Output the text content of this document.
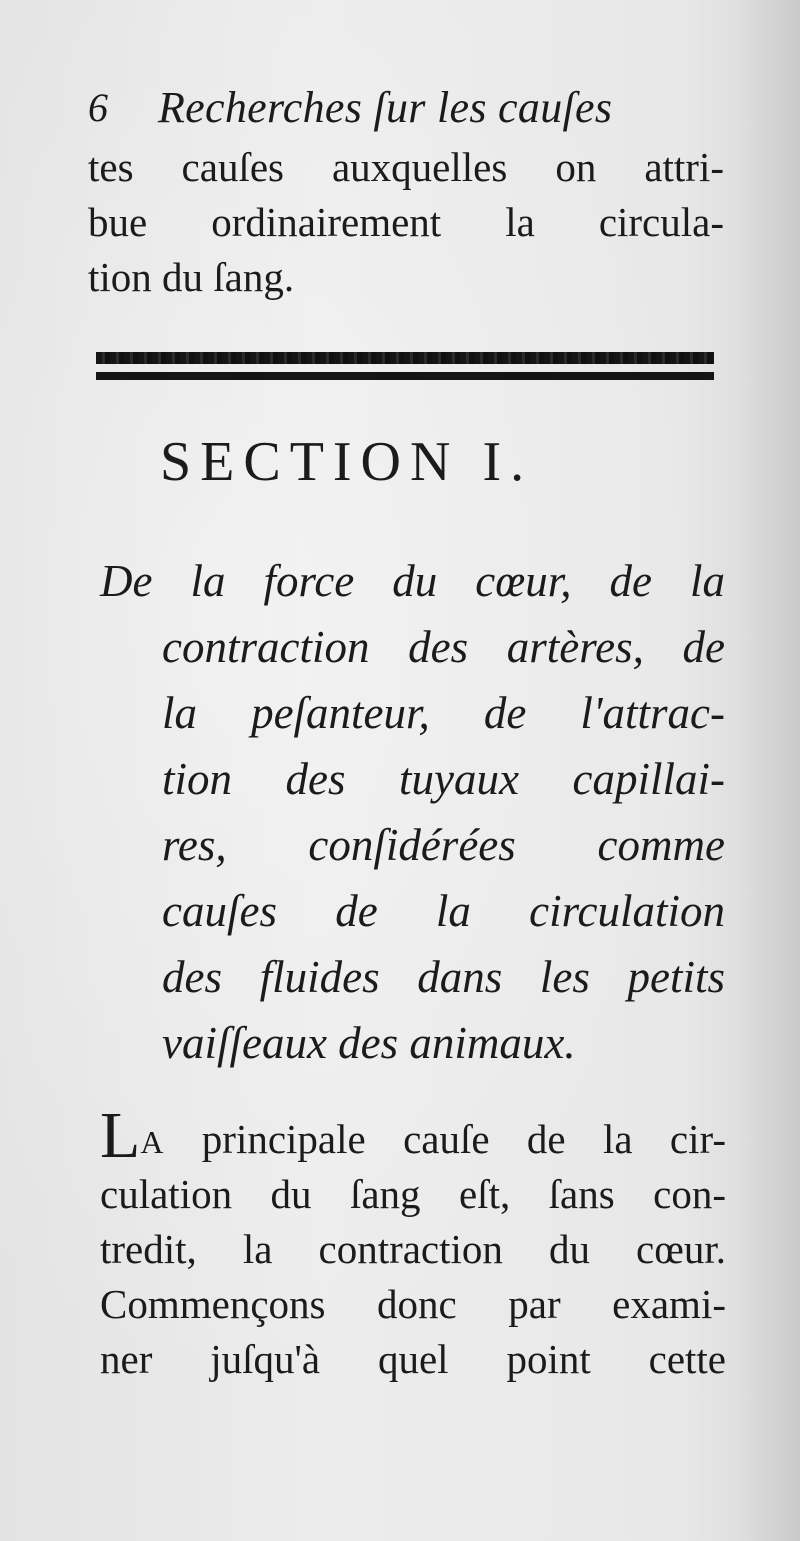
6 Recherches ſur les cauſes

tes cauſes auxquelles on attri-

bue ordinairement la circula-

tion du ſang.

SECTION I.

De la force du cœur, de la

contraction des artères, de

la peſanteur, de l'attrac-

tion des tuyaux capillai-

res, conſidérées comme

cauſes de la circulation

des fluides dans les petits

vaiſſeaux des animaux.

LA principale cauſe de la cir-

culation du ſang eſt, ſans con-

tredit, la contraction du cœur.

Commençons donc par exami-

ner juſqu'à quel point cette
